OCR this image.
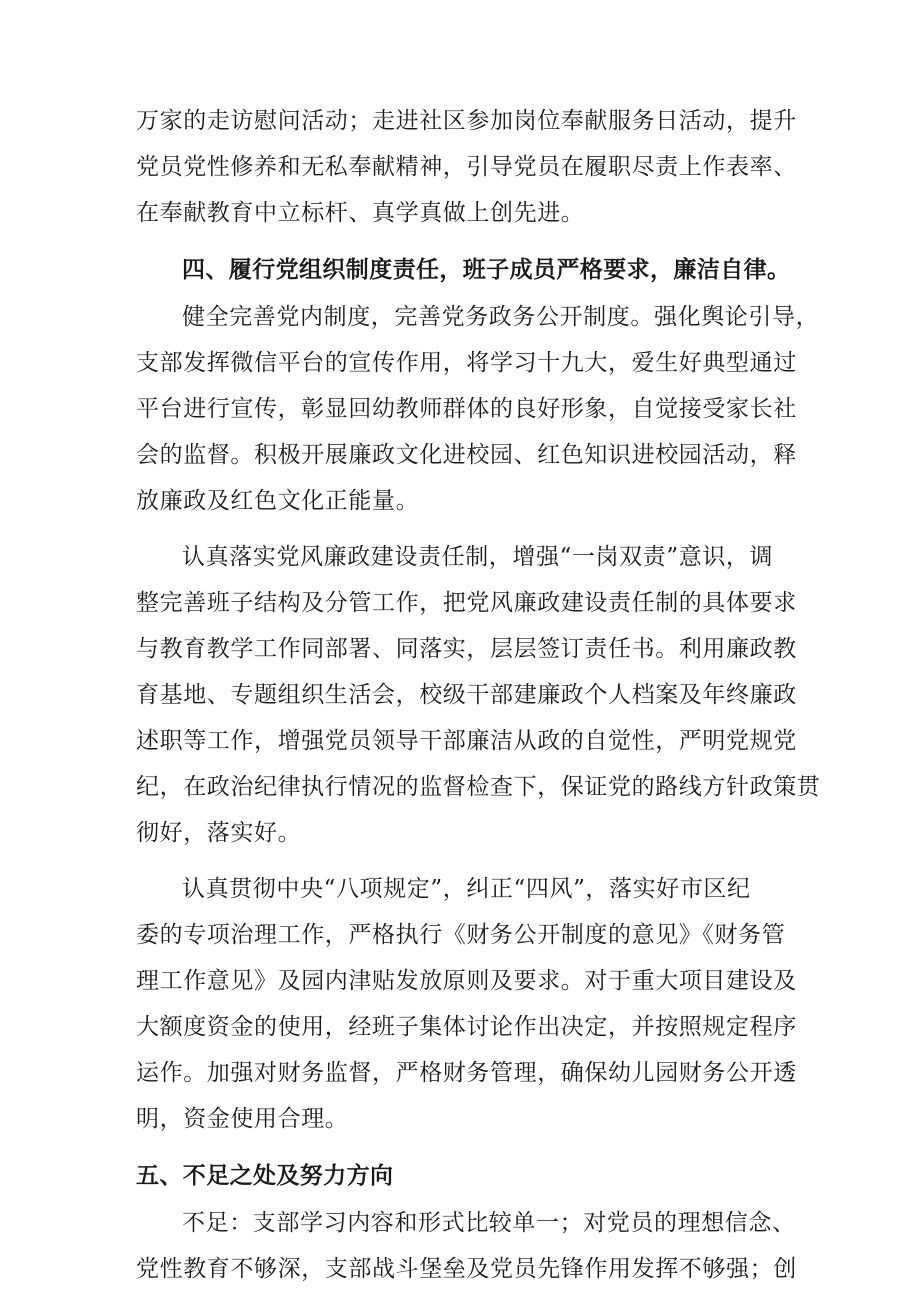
万家的走访慰问活动；走进社区参加岗位奉献服务日活动，提升
党员党性修养和无私奉献精神，引导党员在履职尽责上作表率、
在奉献教育中立标杆、真学真做上创先进。
四、履行党组织制度责任，班子成员严格要求，廉洁自律。
健全完善党内制度，完善党务政务公开制度。强化舆论引导，
支部发挥微信平台的宣传作用，将学习十九大，爱生好典型通过
平台进行宣传，彰显回幼教师群体的良好形象，自觉接受家长社
会的监督。积极开展廉政文化进校园、红色知识进校园活动，释
放廉政及红色文化正能量。
认真落实党风廉政建设责任制，增强“一岗双责”意识，调
整完善班子结构及分管工作，把党风廉政建设责任制的具体要求
与教育教学工作同部署、同落实，层层签订责任书。利用廉政教
育基地、专题组织生活会，校级干部建廉政个人档案及年终廉政
述职等工作，增强党员领导干部廉洁从政的自觉性，严明党规党
纪，在政治纪律执行情况的监督检查下，保证党的路线方针政策贯
彻好，落实好。
认真贯彻中央“八项规定”，纠正“四风”，落实好市区纪
委的专项治理工作，严格执行《财务公开制度的意见》《财务管
理工作意见》及园内津贴发放原则及要求。对于重大项目建设及
大额度资金的使用，经班子集体讨论作出决定，并按照规定程序
运作。加强对财务监督，严格财务管理，确保幼儿园财务公开透
明，资金使用合理。
五、不足之处及努力方向
不足：支部学习内容和形式比较单一；对党员的理想信念、
党性教育不够深，支部战斗堡垒及党员先锋作用发挥不够强；创
